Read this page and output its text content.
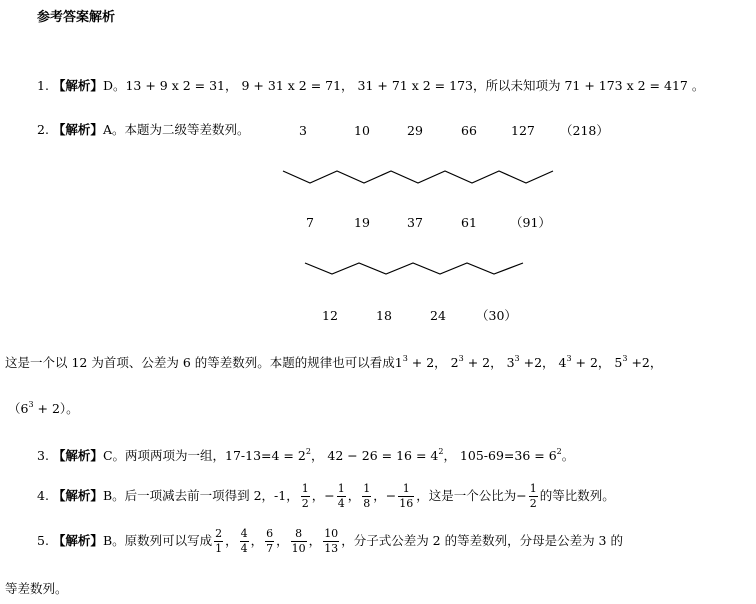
参考答案解析
1. 【解析】D。13 + 9 x 2 = 31， 9 + 31 x 2 = 71， 31 + 71 x 2 = 173，所以未知项为 71 + 173 x 2 = 417 。
2. 【解析】A。本题为二级等差数列。	3	10	29	66	127 （218）
7	19	37	61	（91）
12	18	24 （30）
这是一个以 12 为首项、公差为 6 的等差数列。本题的规律也可以看成$1^3 + 2$， $2^3 + 2$， $3^3 +2$， $4^3 + 2$， $5^3 +2$，
$(6^3 + 2)$。
3. 【解析】C。两项两项为一组，$17-13=4 = 2^2$， $42 - 26 = 16 = 4^2$， $105-69=36 = 6^2$。
4.
【解析】 B。后一项减去前一项得到 2，-1， $\frac{1}{2}$ ， − $\frac{1}{4}$ ， $\frac{1}{8}$ ， − $\frac{1}{16}$ ，这是一个公比为 − $\frac{1}{2}$ 的等比数列。
5.
【解析】 B。原数列可以写成 $\frac{2}{1}$ ， $\frac{4}{4}$ ， $\frac{6}{7}$ ， $\frac{8}{10}$ ， $\frac{10}{13}$ ，分子式公差为 2 的等差数列，分母是公差为 3 的
等差数列。
